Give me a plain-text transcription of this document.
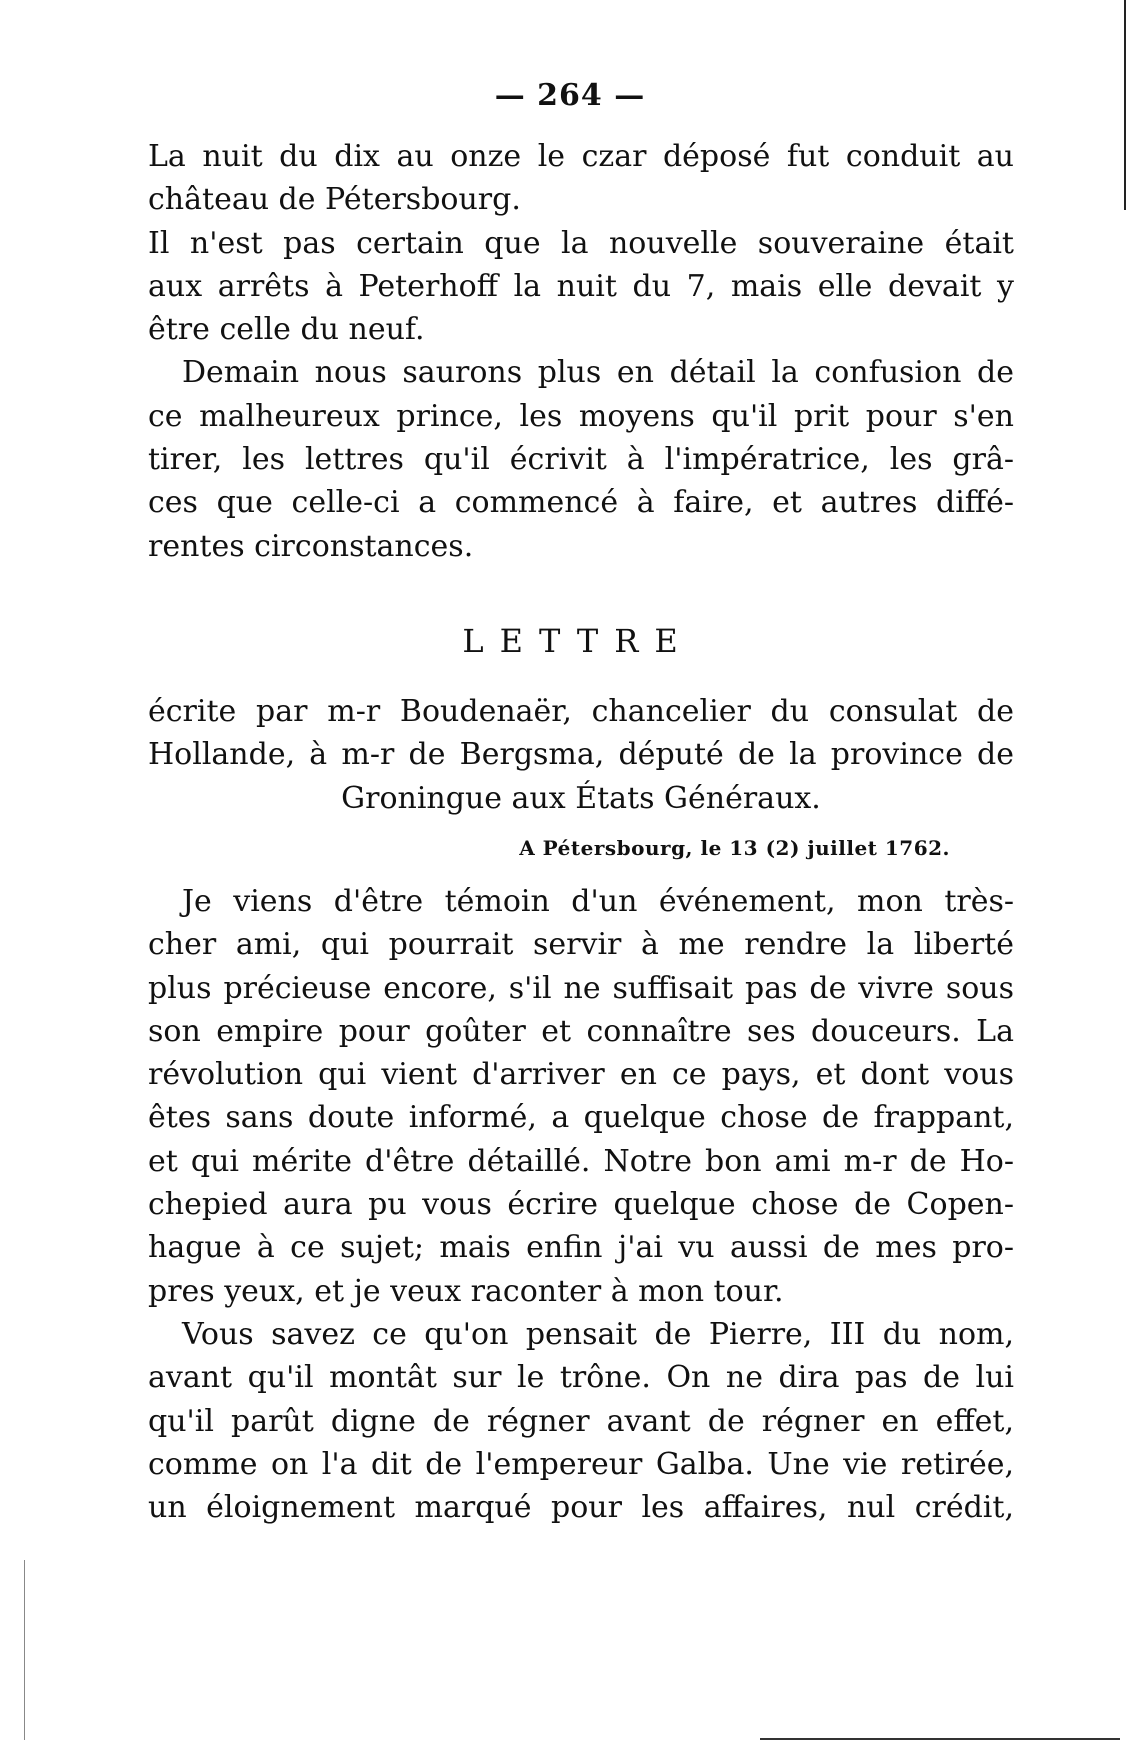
— 264 —
La nuit du dix au onze le czar déposé fut conduit au
château de Pétersbourg.
Il n'est pas certain que la nouvelle souveraine était
aux arrêts à Peterhoff la nuit du 7, mais elle devait y
être celle du neuf.
Demain nous saurons plus en détail la confusion de
ce malheureux prince, les moyens qu'il prit pour s'en
tirer, les lettres qu'il écrivit à l'impératrice, les grâ-
ces que celle-ci a commencé à faire, et autres diffé-
rentes circonstances.
LETTRE
écrite par m-r Boudenaër, chancelier du consulat de
Hollande, à m-r de Bergsma, député de la province de
Groningue aux États Généraux.
A Pétersbourg, le 13 (2) juillet 1762.
Je viens d'être témoin d'un événement, mon très-
cher ami, qui pourrait servir à me rendre la liberté
plus précieuse encore, s'il ne suffisait pas de vivre sous
son empire pour goûter et connaître ses douceurs. La
révolution qui vient d'arriver en ce pays, et dont vous
êtes sans doute informé, a quelque chose de frappant,
et qui mérite d'être détaillé. Notre bon ami m-r de Ho-
chepied aura pu vous écrire quelque chose de Copen-
hague à ce sujet; mais enfin j'ai vu aussi de mes pro-
pres yeux, et je veux raconter à mon tour.
Vous savez ce qu'on pensait de Pierre, III du nom,
avant qu'il montât sur le trône. On ne dira pas de lui
qu'il parût digne de régner avant de régner en effet,
comme on l'a dit de l'empereur Galba. Une vie retirée,
un éloignement marqué pour les affaires, nul crédit,
